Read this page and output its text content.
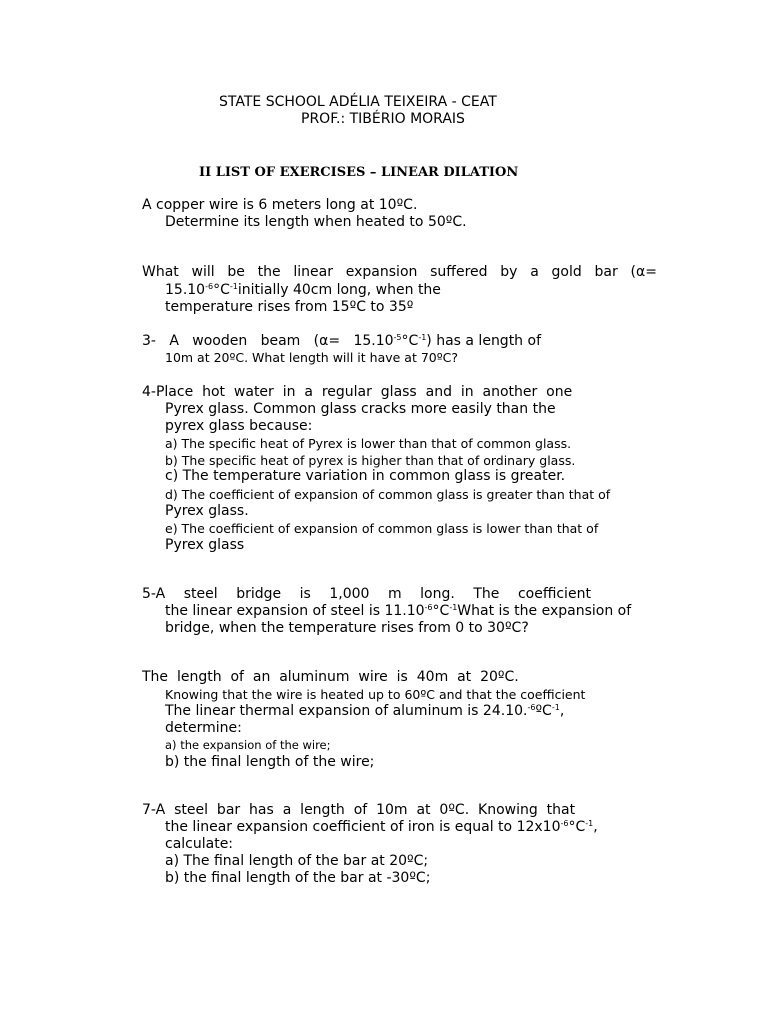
STATE SCHOOL ADÉLIA TEIXEIRA - CEAT
PROF.: TIBÉRIO MORAIS
II LIST OF EXERCISES – LINEAR DILATION
A copper wire is 6 meters long at 10ºC.
Determine its length when heated to 50ºC.
What will be the linear expansion suffered by a gold bar (α=
$15.10^{-6}^\circ C^{-1}initially$ 40cm long, when the
temperature rises from 15ºC to 35º
3- A wooden beam $(\alpha= 15.10^{-5}^\circ C^{-1})$ has a length of
10m at 20ºC. What length will it have at 70ºC?
4-Place  hot  water  in  a  regular  glass  and  in  another  one
Pyrex glass. Common glass cracks more easily than the
pyrex glass because:
a) The specific heat of Pyrex is lower than that of common glass.
b) The specific heat of pyrex is higher than that of ordinary glass.
c) The temperature variation in common glass is greater.
d) The coefficient of expansion of common glass is greater than that of
Pyrex glass.
e) The coefficient of expansion of common glass is lower than that of
Pyrex glass
5-A steel bridge is 1,000 m long. The coefficient
the linear expansion of steel is $11.10^{-6}^\circ C^{-1}What$ is the expansion of
bridge, when the temperature rises from 0 to 30ºC?
The  length  of  an  aluminum  wire  is  40m  at  20ºC.
Knowing that the wire is heated up to 60ºC and that the coefficient
The linear thermal expansion of aluminum is 24.10.$^{-6}$ºC$^{-1}$,
determine:
a) the expansion of the wire;
b) the final length of the wire;
7-A  steel  bar  has  a  length  of  10m  at  0ºC.  Knowing  that
the linear expansion coefficient of iron is equal to $12x10^{-6}^\circ C^{-1}$,
calculate:
a) The final length of the bar at 20ºC;
b) the final length of the bar at -30ºC;
